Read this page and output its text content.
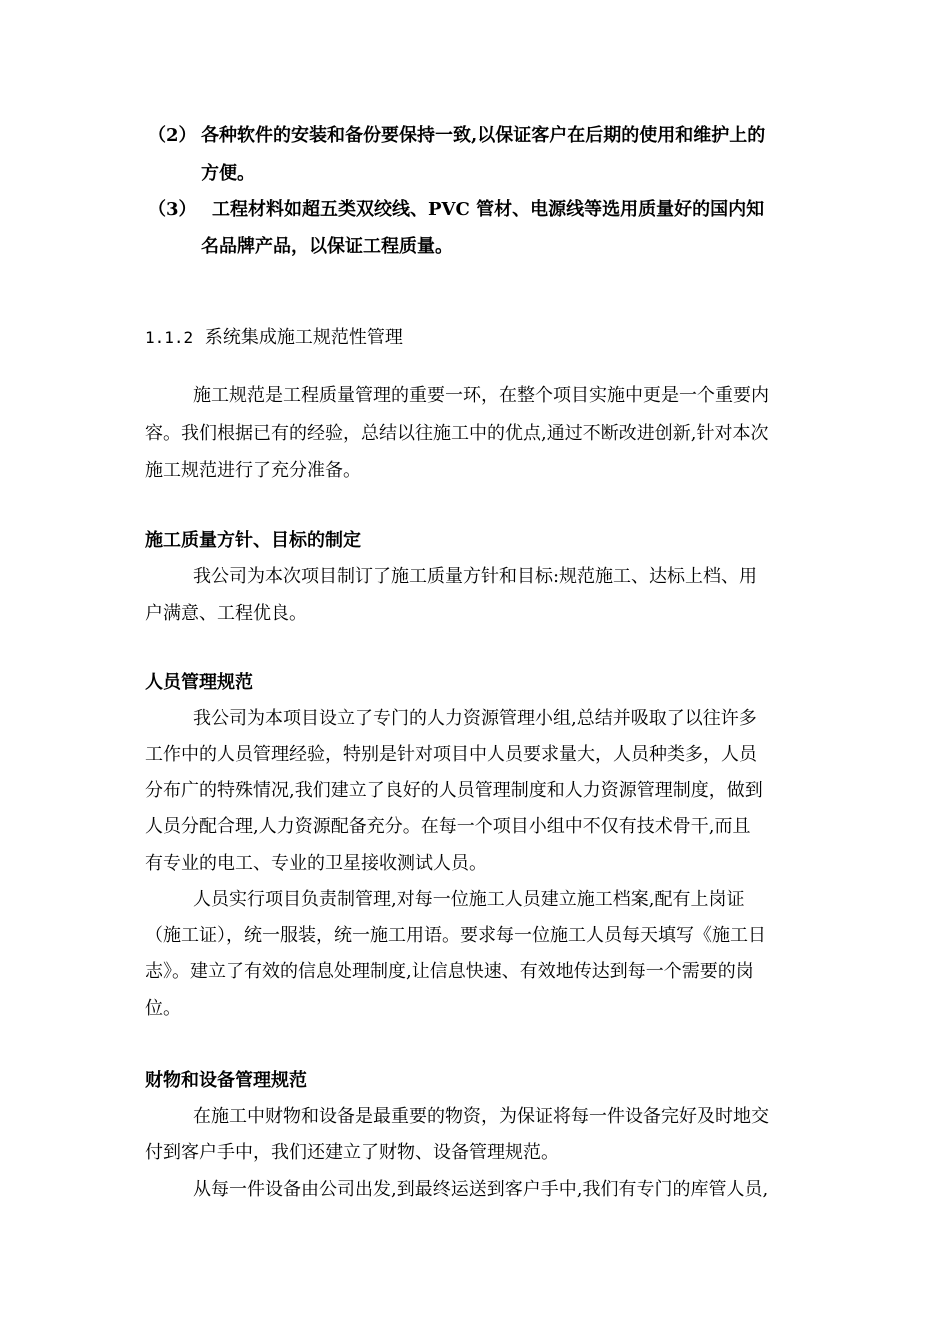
（2） 各种软件的安装和备份要保持一致,以保证客户在后期的使用和维护上的
方便。
（3） 工程材料如超五类双绞线、PVC 管材、电源线等选用质量好的国内知
名品牌产品，以保证工程质量。
1.1.2 系统集成施工规范性管理
施工规范是工程质量管理的重要一环，在整个项目实施中更是一个重要内
容。我们根据已有的经验，总结以往施工中的优点,通过不断改进创新,针对本次
施工规范进行了充分准备。
施工质量方针、目标的制定
我公司为本次项目制订了施工质量方针和目标:规范施工、达标上档、用
户满意、工程优良。
人员管理规范
我公司为本项目设立了专门的人力资源管理小组,总结并吸取了以往许多
工作中的人员管理经验，特别是针对项目中人员要求量大，人员种类多，人员
分布广的特殊情况,我们建立了良好的人员管理制度和人力资源管理制度，做到
人员分配合理,人力资源配备充分。在每一个项目小组中不仅有技术骨干,而且
有专业的电工、专业的卫星接收测试人员。
人员实行项目负责制管理,对每一位施工人员建立施工档案,配有上岗证
（施工证），统一服装，统一施工用语。要求每一位施工人员每天填写《施工日
志》。建立了有效的信息处理制度,让信息快速、有效地传达到每一个需要的岗
位。
财物和设备管理规范
在施工中财物和设备是最重要的物资，为保证将每一件设备完好及时地交
付到客户手中，我们还建立了财物、设备管理规范。
从每一件设备由公司出发,到最终运送到客户手中,我们有专门的库管人员,
